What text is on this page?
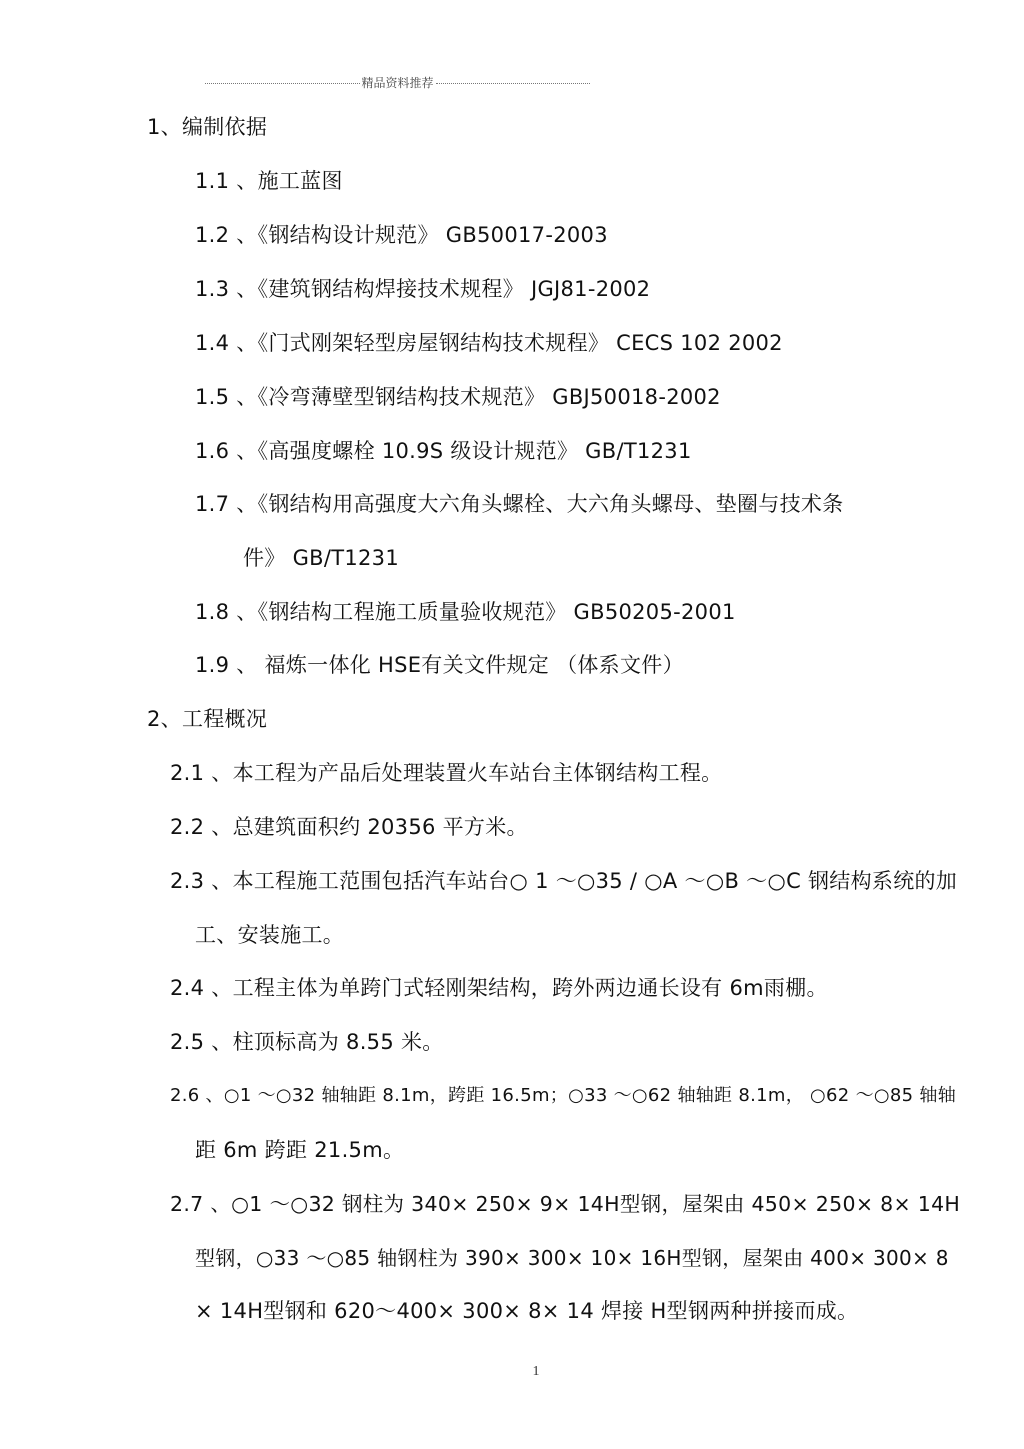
精品资料推荐
1、编制依据
1.1 、施工蓝图
1.2 、《钢结构设计规范》 GB50017-2003
1.3 、《建筑钢结构焊接技术规程》 JGJ81-2002
1.4 、《门式刚架轻型房屋钢结构技术规程》 CECS 102 2002
1.5 、《冷弯薄壁型钢结构技术规范》 GBJ50018-2002
1.6 、《高强度螺栓 10.9S 级设计规范》 GB/T1231
1.7 、《钢结构用高强度大六角头螺栓、大六角头螺母、垫圈与技术条
件》 GB/T1231
1.8 、《钢结构工程施工质量验收规范》 GB50205-2001
1.9 、 福炼一体化 HSE有关文件规定 （体系文件）
2、工程概况
2.1 、本工程为产品后处理装置火车站台主体钢结构工程。
2.2 、总建筑面积约 20356 平方米。
2.3 、本工程施工范围包括汽车站台○ 1 ～○35 / ○A ～○B ～○C 钢结构系统的加
工、安装施工。
2.4 、工程主体为单跨门式轻刚架结构，跨外两边通长设有 6m雨棚。
2.5 、柱顶标高为 8.55 米。
2.6 、○1 ～○32 轴轴距 8.1m，跨距 16.5m；○33 ～○62 轴轴距 8.1m， ○62 ～○85 轴轴
距 6m 跨距 21.5m。
2.7 、○1 ～○32 钢柱为 340× 250× 9× 14H型钢，屋架由 450× 250× 8× 14H
型钢，○33 ～○85 轴钢柱为 390× 300× 10× 16H型钢，屋架由 400× 300× 8
× 14H型钢和 620～400× 300× 8× 14 焊接 H型钢两种拼接而成。
1
